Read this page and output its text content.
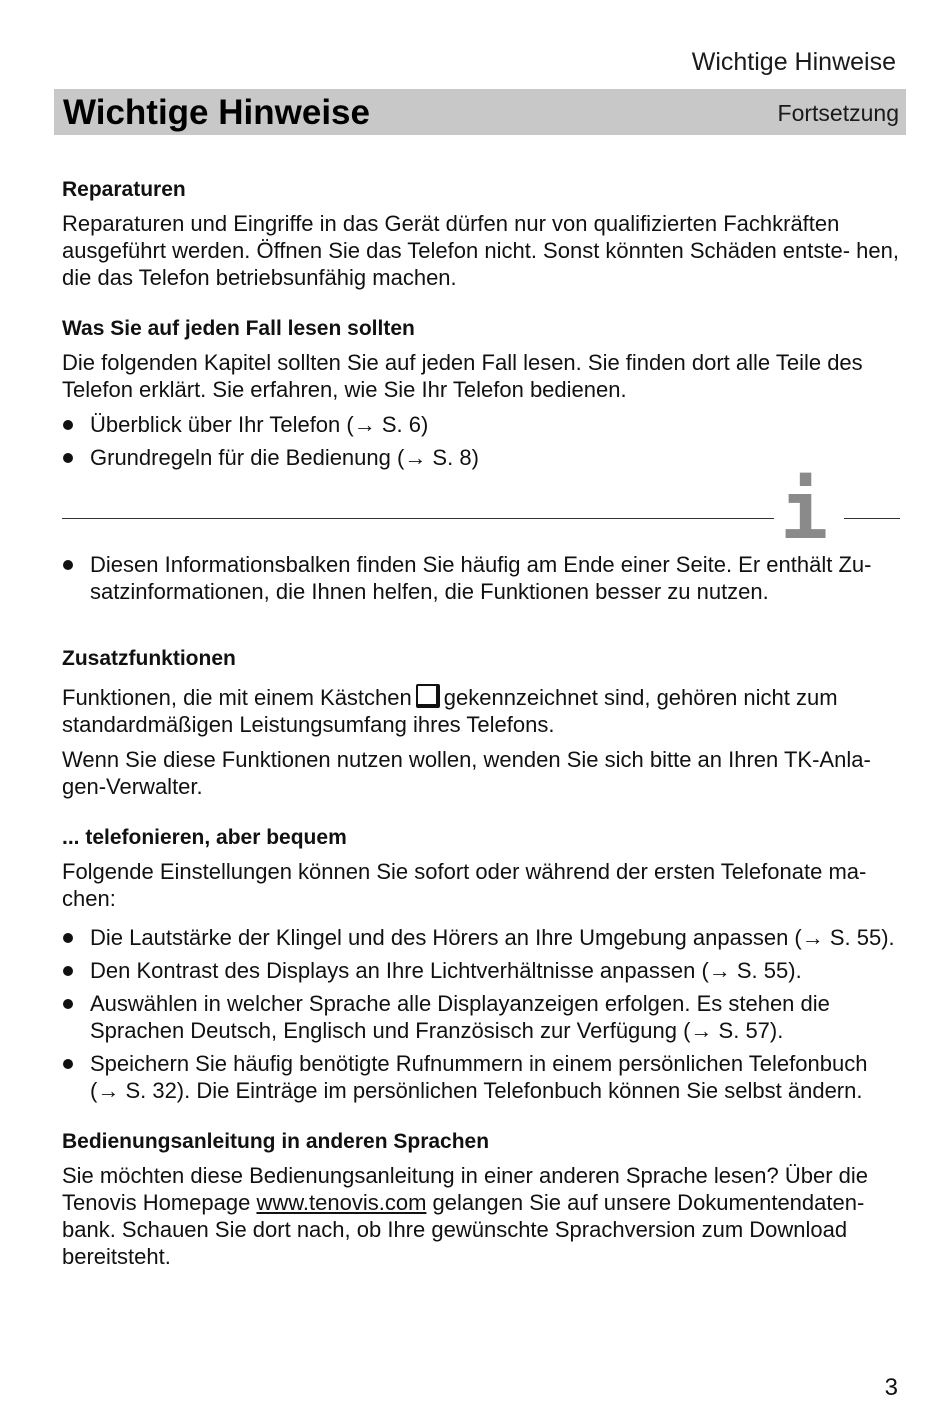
Wichtige Hinweise
Wichtige Hinweise	Fortsetzung
Reparaturen

Reparaturen und Eingriffe in das Gerät dürfen nur von qualifizierten Fachkräften ausgeführt werden. Öffnen Sie das Telefon nicht. Sonst könnten Schäden entste- hen, die das Telefon betriebsunfähig machen.

Was Sie auf jeden Fall lesen sollten

Die folgenden Kapitel sollten Sie auf jeden Fall lesen. Sie finden dort alle Teile des Telefon erklärt. Sie erfahren, wie Sie Ihr Telefon bedienen.

Überblick über Ihr Telefon (→ S. 6)
Grundregeln für die Bedienung (→ S. 8)
i
Diesen Informationsbalken finden Sie häufig am Ende einer Seite. Er enthält Zu- satzinformationen, die Ihnen helfen, die Funktionen besser zu nutzen.
Zusatzfunktionen

Funktionen, die mit einem Kästchen gekennzeichnet sind, gehören nicht zum standardmäßigen Leistungsumfang ihres Telefons.

Wenn Sie diese Funktionen nutzen wollen, wenden Sie sich bitte an Ihren TK-Anla- gen-Verwalter.

... telefonieren, aber bequem

Folgende Einstellungen können Sie sofort oder während der ersten Telefonate ma- chen:

Die Lautstärke der Klingel und des Hörers an Ihre Umgebung anpassen (→ S. 55).
Den Kontrast des Displays an Ihre Lichtverhältnisse anpassen (→ S. 55).
Auswählen in welcher Sprache alle Displayanzeigen erfolgen. Es stehen die Sprachen Deutsch, Englisch und Französisch zur Verfügung (→ S. 57).
Speichern Sie häufig benötigte Rufnummern in einem persönlichen Telefonbuch (→ S. 32). Die Einträge im persönlichen Telefonbuch können Sie selbst ändern.
Bedienungsanleitung in anderen Sprachen

Sie möchten diese Bedienungsanleitung in einer anderen Sprache lesen? Über die Tenovis Homepage www.tenovis.com gelangen Sie auf unsere Dokumentendaten- bank. Schauen Sie dort nach, ob Ihre gewünschte Sprachversion zum Download bereitsteht.

3
